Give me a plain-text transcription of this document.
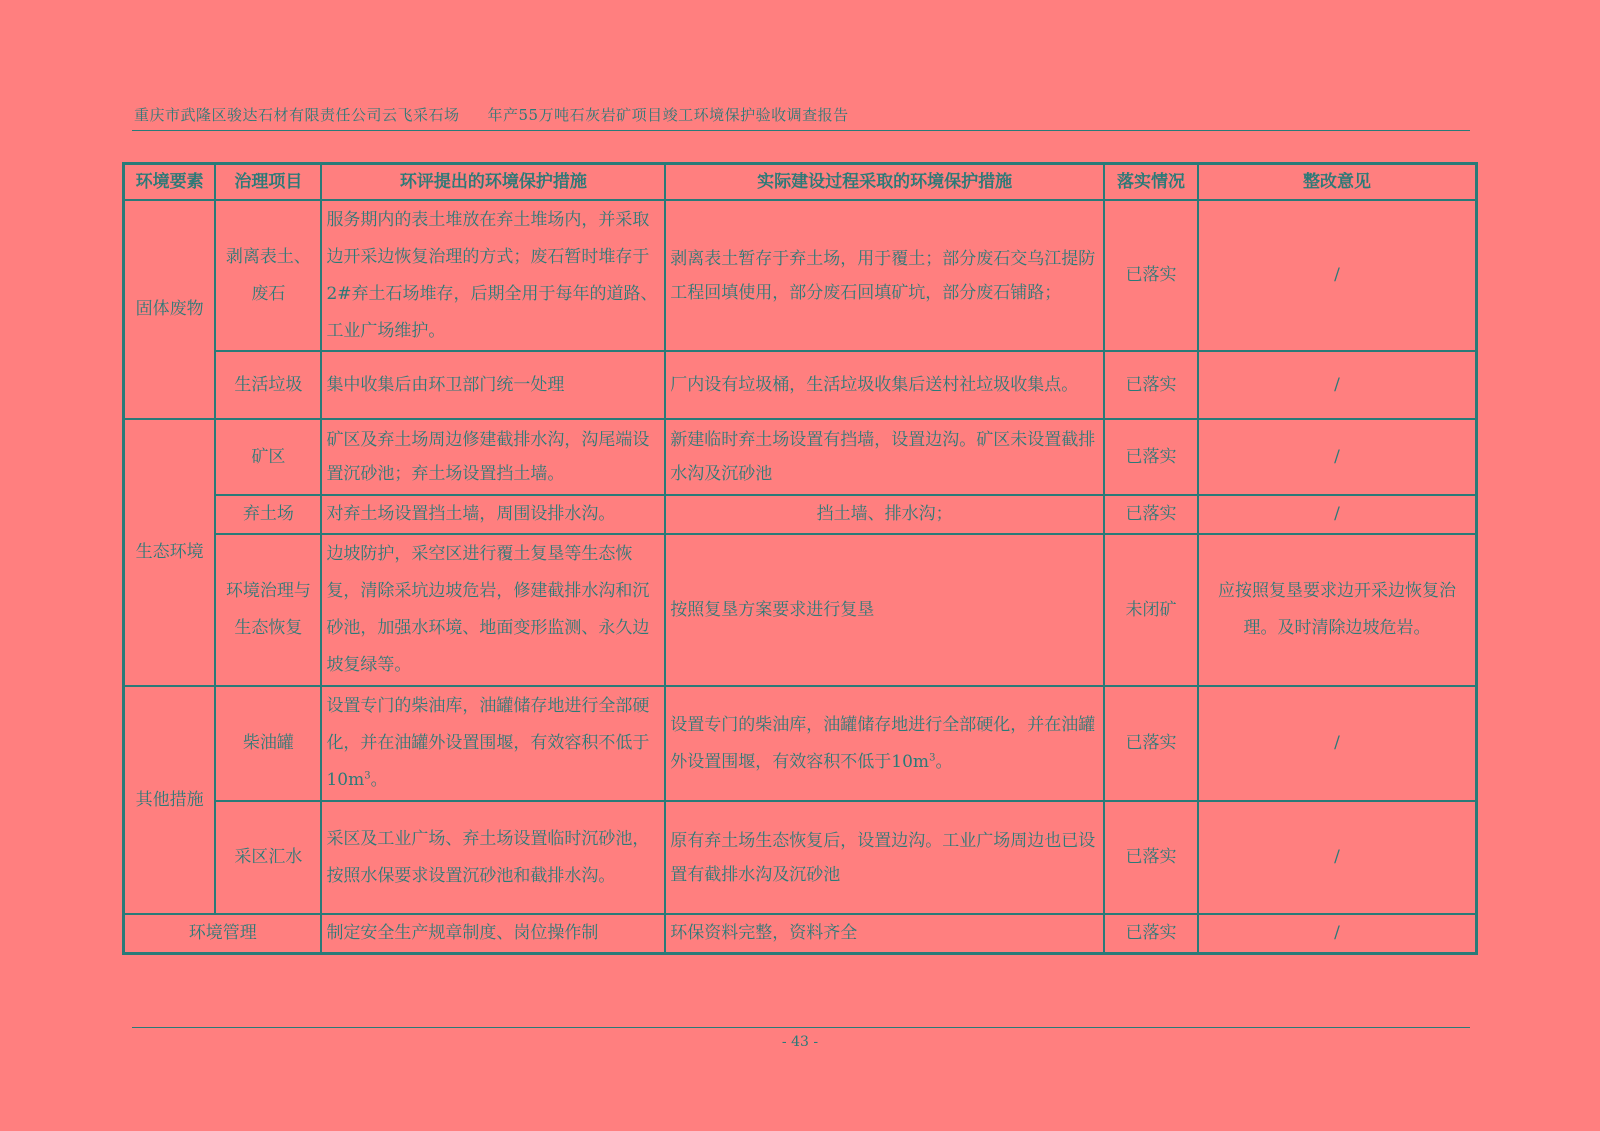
重庆市武隆区骏达石材有限责任公司云飞采石场 年产55万吨石灰岩矿项目竣工环境保护验收调查报告
环境要素	治理项目	环评提出的环境保护措施	实际建设过程采取的环境保护措施	落实情况	整改意见
固体废物	剥离表土、废石	服务期内的表土堆放在弃土堆场内，并采取边开采边恢复治理的方式；废石暂时堆存于2#弃土石场堆存，后期全用于每年的道路、工业广场维护。	剥离表土暂存于弃土场，用于覆土；部分废石交乌江提防工程回填使用，部分废石回填矿坑，部分废石铺路；	已落实	/
	生活垃圾	集中收集后由环卫部门统一处理	厂内设有垃圾桶，生活垃圾收集后送村社垃圾收集点。	已落实	/
生态环境	矿区	矿区及弃土场周边修建截排水沟，沟尾端设置沉砂池；弃土场设置挡土墙。	新建临时弃土场设置有挡墙，设置边沟。矿区未设置截排水沟及沉砂池	已落实	/
	弃土场	对弃土场设置挡土墙，周围设排水沟。	挡土墙、排水沟；	已落实	/
	环境治理与生态恢复	边坡防护，采空区进行覆土复垦等生态恢复，清除采坑边坡危岩，修建截排水沟和沉砂池，加强水环境、地面变形监测、永久边坡复绿等。	按照复垦方案要求进行复垦	未闭矿	应按照复垦要求边开采边恢复治理。及时清除边坡危岩。
其他措施	柴油罐	设置专门的柴油库，油罐储存地进行全部硬化，并在油罐外设置围堰，有效容积不低于$10m^3$。	设置专门的柴油库，油罐储存地进行全部硬化，并在油罐外设置围堰，有效容积不低于$10m^3$。	已落实	/
	采区汇水	采区及工业广场、弃土场设置临时沉砂池，按照水保要求设置沉砂池和截排水沟。	原有弃土场生态恢复后，设置边沟。工业广场周边也已设置有截排水沟及沉砂池	已落实	/
环境管理		制定安全生产规章制度、岗位操作制	环保资料完整，资料齐全	已落实	/
- 43 -
